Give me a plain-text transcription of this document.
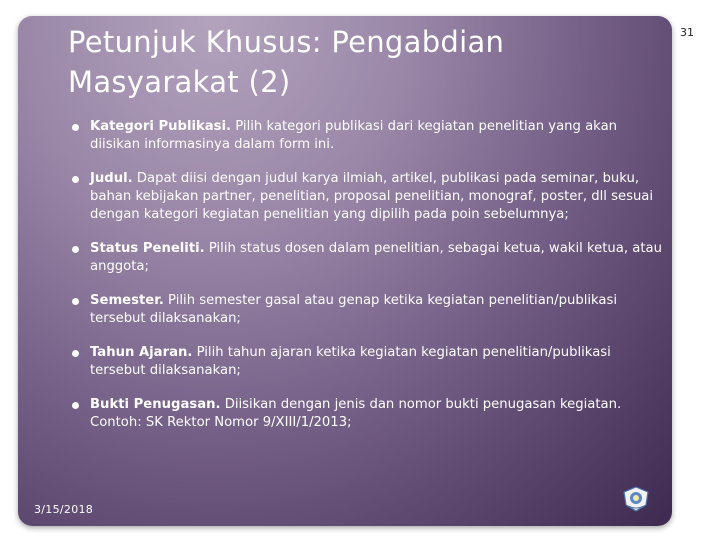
Petunjuk Khusus: Pengabdian
Masyarakat (2)
31
Kategori Publikasi. Pilih kategori publikasi dari kegiatan penelitian yang akan diisikan informasinya dalam form ini.
Judul. Dapat diisi dengan judul karya ilmiah, artikel, publikasi pada seminar, buku, bahan kebijakan partner, penelitian, proposal penelitian, monograf, poster, dll sesuai dengan kategori kegiatan penelitian yang dipilih pada poin sebelumnya;
Status Peneliti. Pilih status dosen dalam penelitian, sebagai ketua, wakil ketua, atau anggota;
Semester. Pilih semester gasal atau genap ketika kegiatan penelitian/publikasi tersebut dilaksanakan;
Tahun Ajaran. Pilih tahun ajaran ketika kegiatan kegiatan penelitian/publikasi tersebut dilaksanakan;
Bukti Penugasan. Diisikan dengan jenis dan nomor bukti penugasan kegiatan. Contoh: SK Rektor Nomor 9/XIII/1/2013;
3/15/2018
